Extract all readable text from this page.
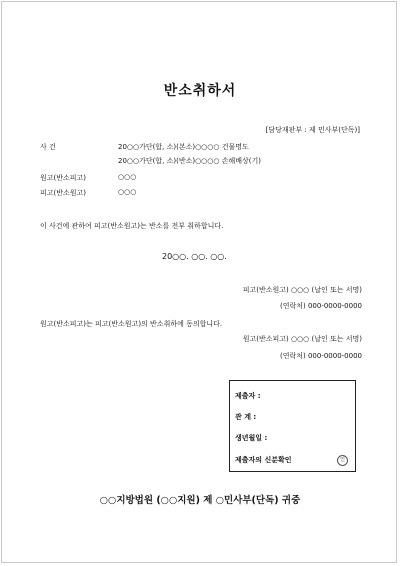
반소취하서
[담당재판부 : 제 민사부(단독)]
사 건	20○○가단(합, 소)(본소)○○○○ 건물명도
20○○가단(합, 소)(반소)○○○○ 손해배상(기)
원고(반소피고)	○○○
피고(반소원고)	○○○
이 사건에 관하여 피고(반소원고)는 반소를 전부 취하합니다.
20○○. ○○. ○○.
피고(반소원고) ○○○ (날인 또는 서명)
(연락처) 000-0000-0000
원고(반소피고)는 피고(반소원고)의 반소취하에 동의합니다.
원고(반소피고) ○○○ (날인 또는 서명)
(연락처) 000-0000-0000
제출자 :
관 계 :
생년월일 :
제출자의 신분확인	인
○○지방법원 (○○지원) 제 ○민사부(단독) 귀중
